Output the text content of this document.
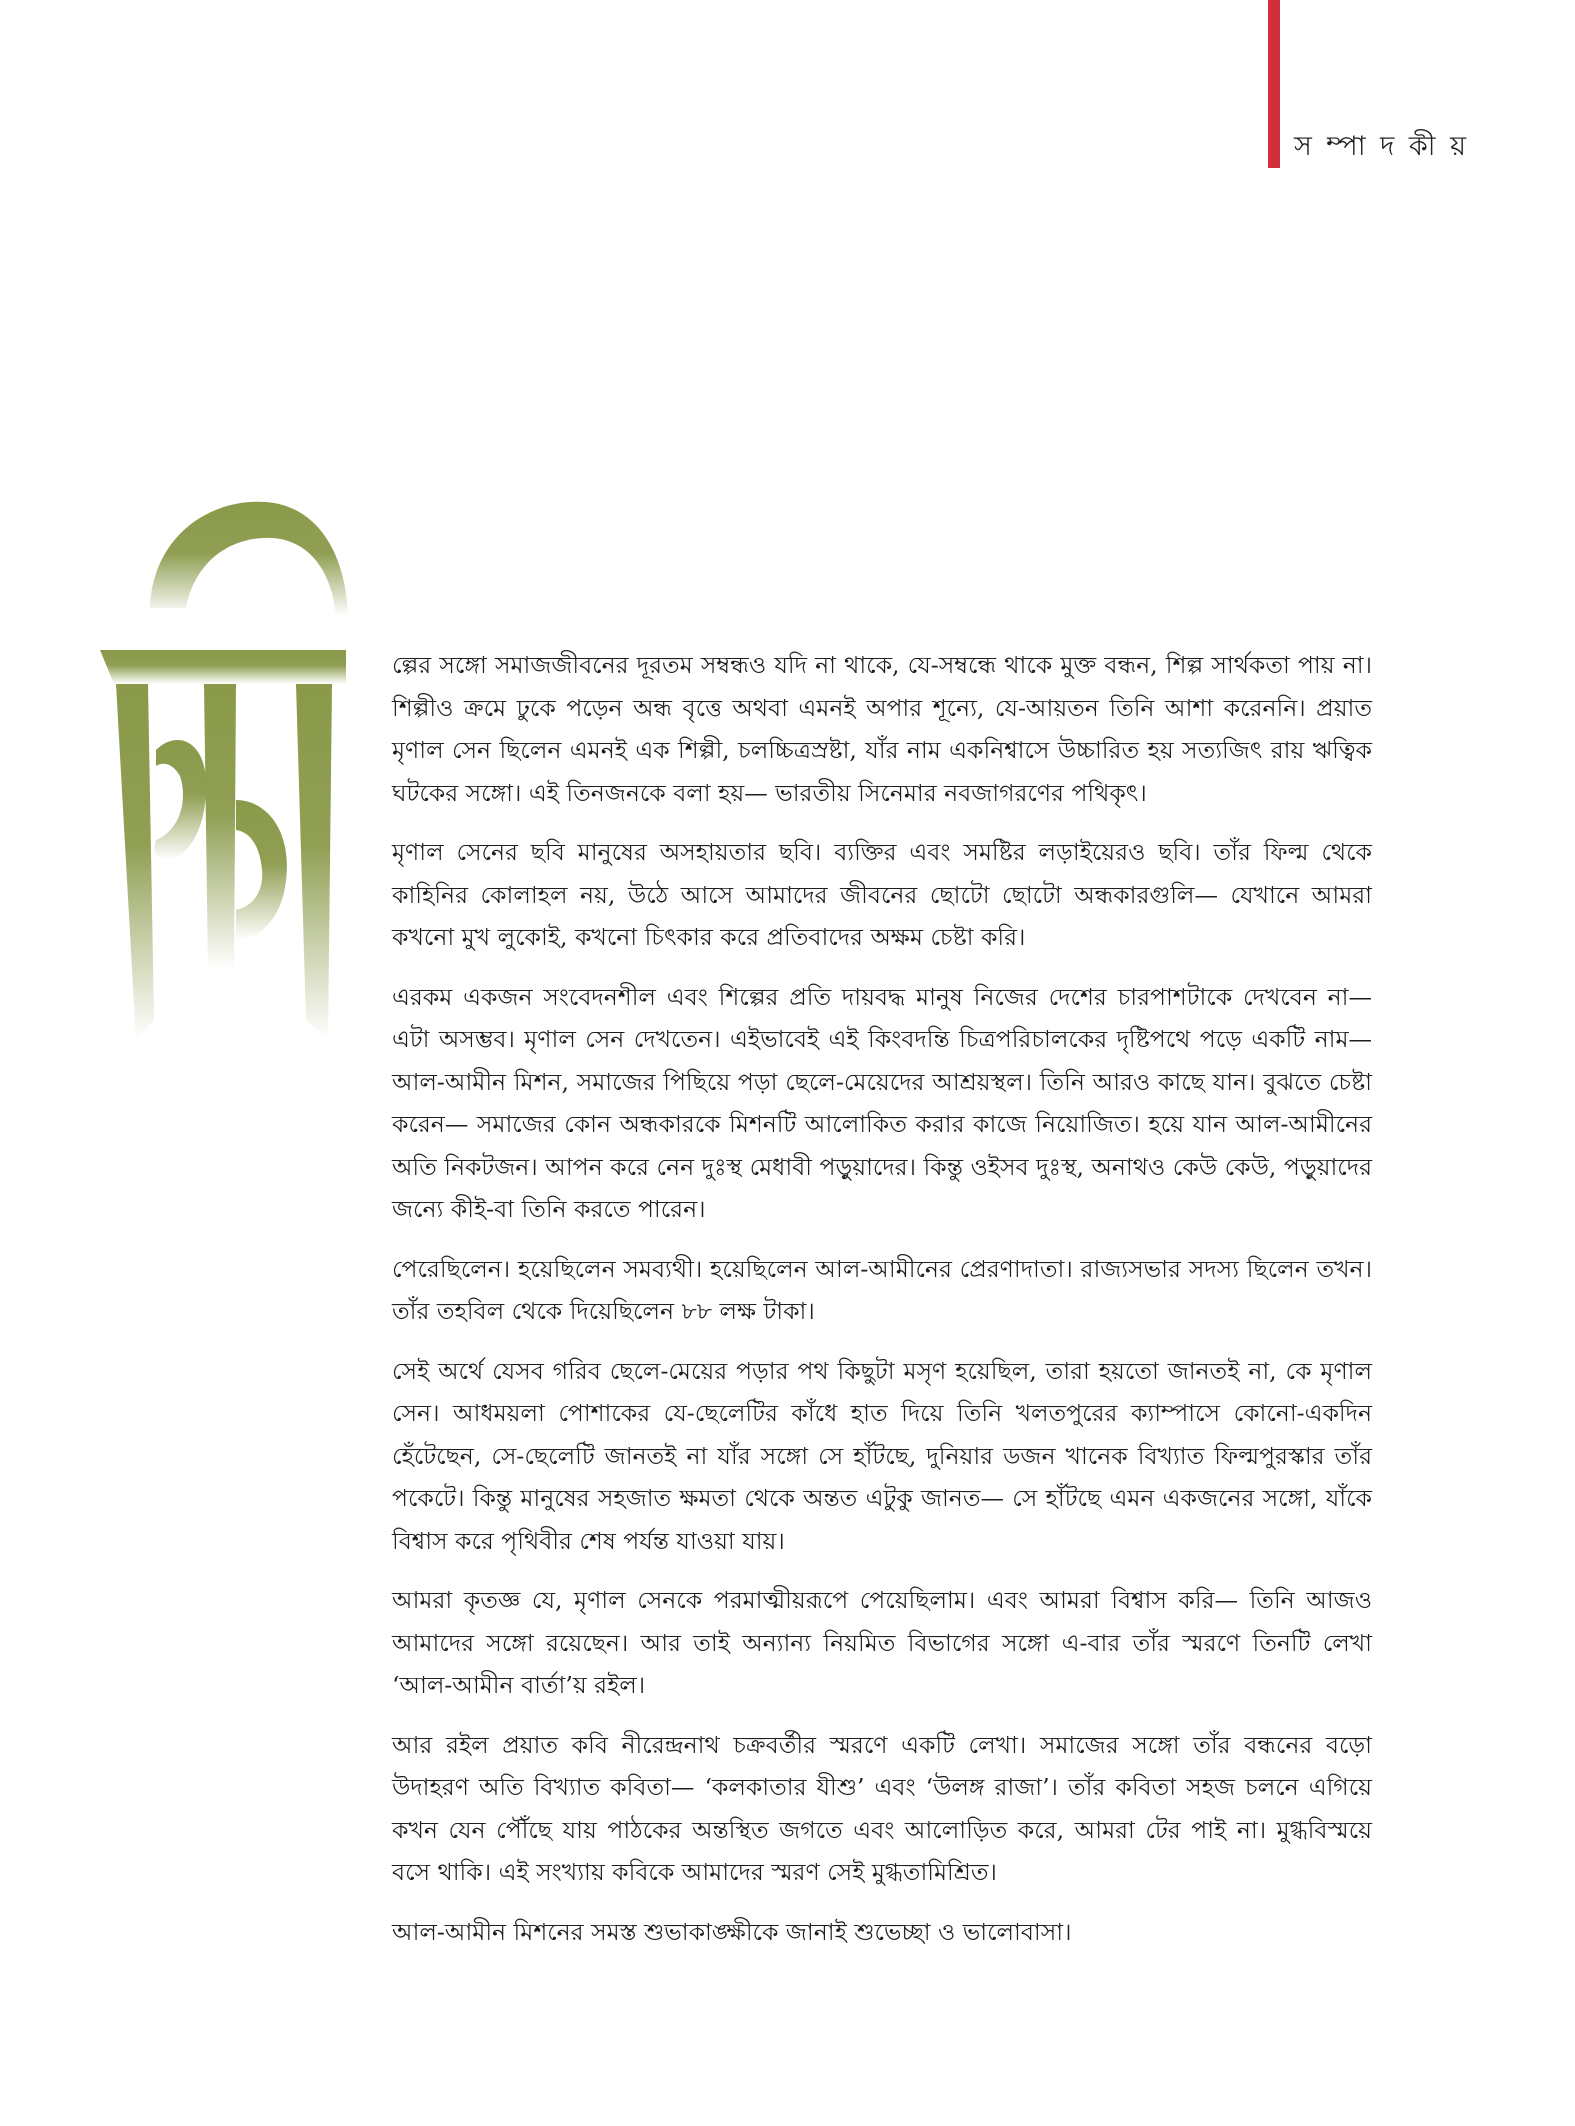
স ম্পা দ কী য়

ল্পের সঙ্গো সমাজজীবনের দূরতম সম্বন্ধও যদি না থাকে, যে-সম্বন্ধে থাকে মুক্ত বন্ধন, শিল্প সার্থকতা পায় না। শিল্পীও ক্রমে ঢুকে পড়েন অন্ধ বৃত্তে অথবা এমনই অপার শূন্যে, যে-আয়তন তিনি আশা করেননি। প্রয়াত মৃণাল সেন ছিলেন এমনই এক শিল্পী, চলচ্চিত্রস্রষ্টা, যাঁর নাম একনিশ্বাসে উচ্চারিত হয় সত্যজিৎ রায় ঋত্বিক ঘটকের সঙ্গো। এই তিনজনকে বলা হয়— ভারতীয় সিনেমার নবজাগরণের পথিকৃৎ।

মৃণাল সেনের ছবি মানুষের অসহায়তার ছবি। ব্যক্তির এবং সমষ্টির লড়াইয়েরও ছবি। তাঁর ফিল্ম থেকে কাহিনির কোলাহল নয়, উঠে আসে আমাদের জীবনের ছোটো ছোটো অন্ধকারগুলি— যেখানে আমরা কখনো মুখ লুকোই, কখনো চিৎকার করে প্রতিবাদের অক্ষম চেষ্টা করি।

এরকম একজন সংবেদনশীল এবং শিল্পের প্রতি দায়বদ্ধ মানুষ নিজের দেশের চারপাশটাকে দেখবেন না— এটা অসম্ভব। মৃণাল সেন দেখতেন। এইভাবেই এই কিংবদন্তি চিত্রপরিচালকের দৃষ্টিপথে পড়ে একটি নাম— আল-আমীন মিশন, সমাজের পিছিয়ে পড়া ছেলে-মেয়েদের আশ্রয়স্থল। তিনি আরও কাছে যান। বুঝতে চেষ্টা করেন— সমাজের কোন অন্ধকারকে মিশনটি আলোকিত করার কাজে নিয়োজিত। হয়ে যান আল-আমীনের অতি নিকটজন। আপন করে নেন দুঃস্থ মেধাবী পড়ুয়াদের। কিন্তু ওইসব দুঃস্থ, অনাথও কেউ কেউ, পড়ুয়াদের জন্যে কীই-বা তিনি করতে পারেন।

পেরেছিলেন। হয়েছিলেন সমব্যথী। হয়েছিলেন আল-আমীনের প্রেরণাদাতা। রাজ্যসভার সদস্য ছিলেন তখন। তাঁর তহবিল থেকে দিয়েছিলেন ৮৮ লক্ষ টাকা।

সেই অর্থে যেসব গরিব ছেলে-মেয়ের পড়ার পথ কিছুটা মসৃণ হয়েছিল, তারা হয়তো জানতই না, কে মৃণাল সেন। আধময়লা পোশাকের যে-ছেলেটির কাঁধে হাত দিয়ে তিনি খলতপুরের ক্যাম্পাসে কোনো-একদিন হেঁটেছেন, সে-ছেলেটি জানতই না যাঁর সঙ্গো সে হাঁটছে, দুনিয়ার ডজন খানেক বিখ্যাত ফিল্মপুরস্কার তাঁর পকেটে। কিন্তু মানুষের সহজাত ক্ষমতা থেকে অন্তত এটুকু জানত— সে হাঁটছে এমন একজনের সঙ্গো, যাঁকে বিশ্বাস করে পৃথিবীর শেষ পর্যন্ত যাওয়া যায়।

আমরা কৃতজ্ঞ যে, মৃণাল সেনকে পরমাত্মীয়রূপে পেয়েছিলাম। এবং আমরা বিশ্বাস করি— তিনি আজও আমাদের সঙ্গো রয়েছেন। আর তাই অন্যান্য নিয়মিত বিভাগের সঙ্গো এ-বার তাঁর স্মরণে তিনটি লেখা ‘আল-আমীন বার্তা’য় রইল।

আর রইল প্রয়াত কবি নীরেন্দ্রনাথ চক্রবর্তীর স্মরণে একটি লেখা। সমাজের সঙ্গো তাঁর বন্ধনের বড়ো উদাহরণ অতি বিখ্যাত কবিতা— ‘কলকাতার যীশু’ এবং ‘উলঙ্গ রাজা’। তাঁর কবিতা সহজ চলনে এগিয়ে কখন যেন পৌঁছে যায় পাঠকের অন্তস্থিত জগতে এবং আলোড়িত করে, আমরা টের পাই না। মুগ্ধবিস্ময়ে বসে থাকি। এই সংখ্যায় কবিকে আমাদের স্মরণ সেই মুগ্ধতামিশ্রিত।

আল-আমীন মিশনের সমস্ত শুভাকাঙ্ক্ষীকে জানাই শুভেচ্ছা ও ভালোবাসা।
